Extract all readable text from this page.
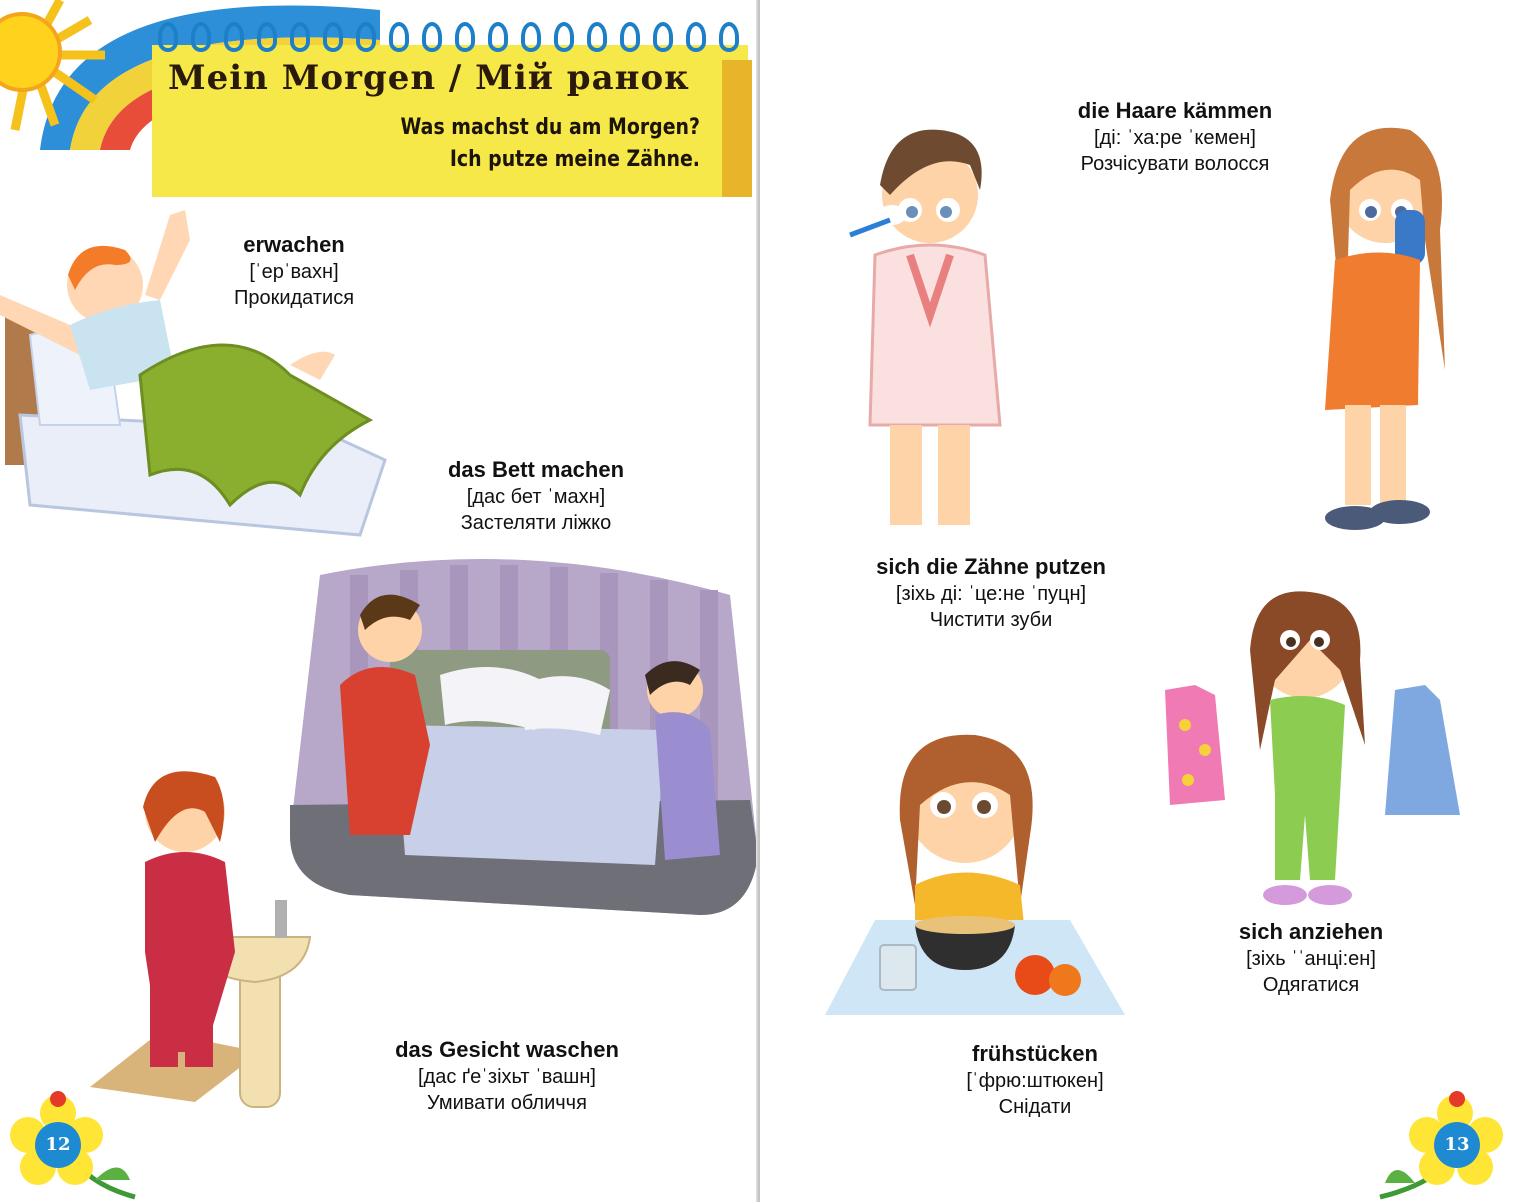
Mein Morgen / Мій ранок
Was machst du am Morgen?
Ich putze meine Zähne.
erwachen
[ˈерˈвахн]
Прокидатися
das Bett machen
[дас бет ˈмахн]
Застеляти ліжко
das Gesicht waschen
[дас ґеˈзіхьт ˈвашн]
Умивати обличчя
12
die Haare kämmen
[ді: ˈха:ре ˈкемен]
Розчісувати волосся
sich die Zähne putzen
[зіхь ді: ˈце:не ˈпуцн]
Чистити зуби
sich anziehen
[зіхь ˈˈанці:ен]
Одягатися
frühstücken
[ˈфрю:штюкен]
Снідати
13
